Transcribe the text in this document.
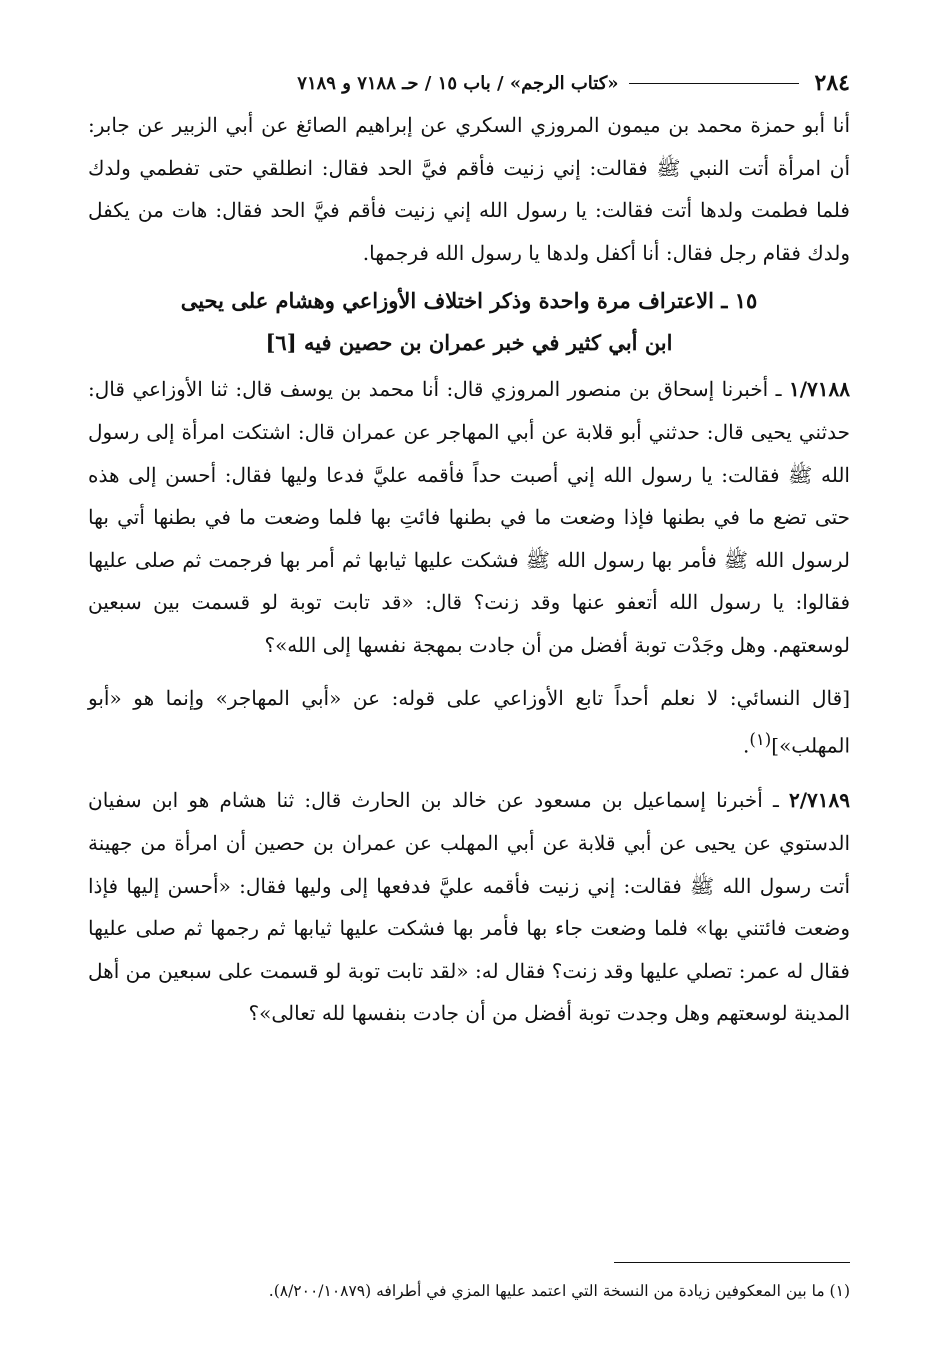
٢٨٤
«كتاب الرجم» / باب ١٥ / حـ ٧١٨٨ و ٧١٨٩

أنا أبو حمزة محمد بن ميمون المروزي السكري عن إبراهيم الصائغ عن أبي الزبير عن جابر: أن امرأة أتت النبي ﷺ فقالت: إني زنيت فأقم فيَّ الحد فقال: انطلقي حتى تفطمي ولدك فلما فطمت ولدها أتت فقالت: يا رسول الله إني زنيت فأقم فيَّ الحد فقال: هات من يكفل ولدك فقام رجل فقال: أنا أكفل ولدها يا رسول الله فرجمها.

١٥ ـ الاعتراف مرة واحدة وذكر اختلاف الأوزاعي وهشام على يحيى
ابن أبي كثير في خبر عمران بن حصين فيه [٦]

١/٧١٨٨ ـ أخبرنا إسحاق بن منصور المروزي قال: أنا محمد بن يوسف قال: ثنا الأوزاعي قال: حدثني يحيى قال: حدثني أبو قلابة عن أبي المهاجر عن عمران قال: اشتكت امرأة إلى رسول الله ﷺ فقالت: يا رسول الله إني أصبت حداً فأقمه عليَّ فدعا وليها فقال: أحسن إلى هذه حتى تضع ما في بطنها فإذا وضعت ما في بطنها فائتِ بها فلما وضعت ما في بطنها أتي بها لرسول الله ﷺ فأمر بها رسول الله ﷺ فشكت عليها ثيابها ثم أمر بها فرجمت ثم صلى عليها فقالوا: يا رسول الله أتعفو عنها وقد زنت؟ قال: «قد تابت توبة لو قسمت بين سبعين لوسعتهم. وهل وجَدْت توبة أفضل من أن جادت بمهجة نفسها إلى الله»؟

[قال النسائي: لا نعلم أحداً تابع الأوزاعي على قوله: عن «أبي المهاجر» وإنما هو «أبو المهلب»]$^{(١)}$.

٢/٧١٨٩ ـ أخبرنا إسماعيل بن مسعود عن خالد بن الحارث قال: ثنا هشام هو ابن سفيان الدستوي عن يحيى عن أبي قلابة عن أبي المهلب عن عمران بن حصين أن امرأة من جهينة أتت رسول الله ﷺ فقالت: إني زنيت فأقمه عليَّ فدفعها إلى وليها فقال: «أحسن إليها فإذا وضعت فائتني بها» فلما وضعت جاء بها فأمر بها فشكت عليها ثيابها ثم رجمها ثم صلى عليها فقال له عمر: تصلي عليها وقد زنت؟ فقال له: «لقد تابت توبة لو قسمت على سبعين من أهل المدينة لوسعتهم وهل وجدت توبة أفضل من أن جادت بنفسها لله تعالى»؟

(١) ما بين المعكوفين زيادة من النسخة التي اعتمد عليها المزي في أطرافه (٨/٢٠٠/١٠٨٧٩).
